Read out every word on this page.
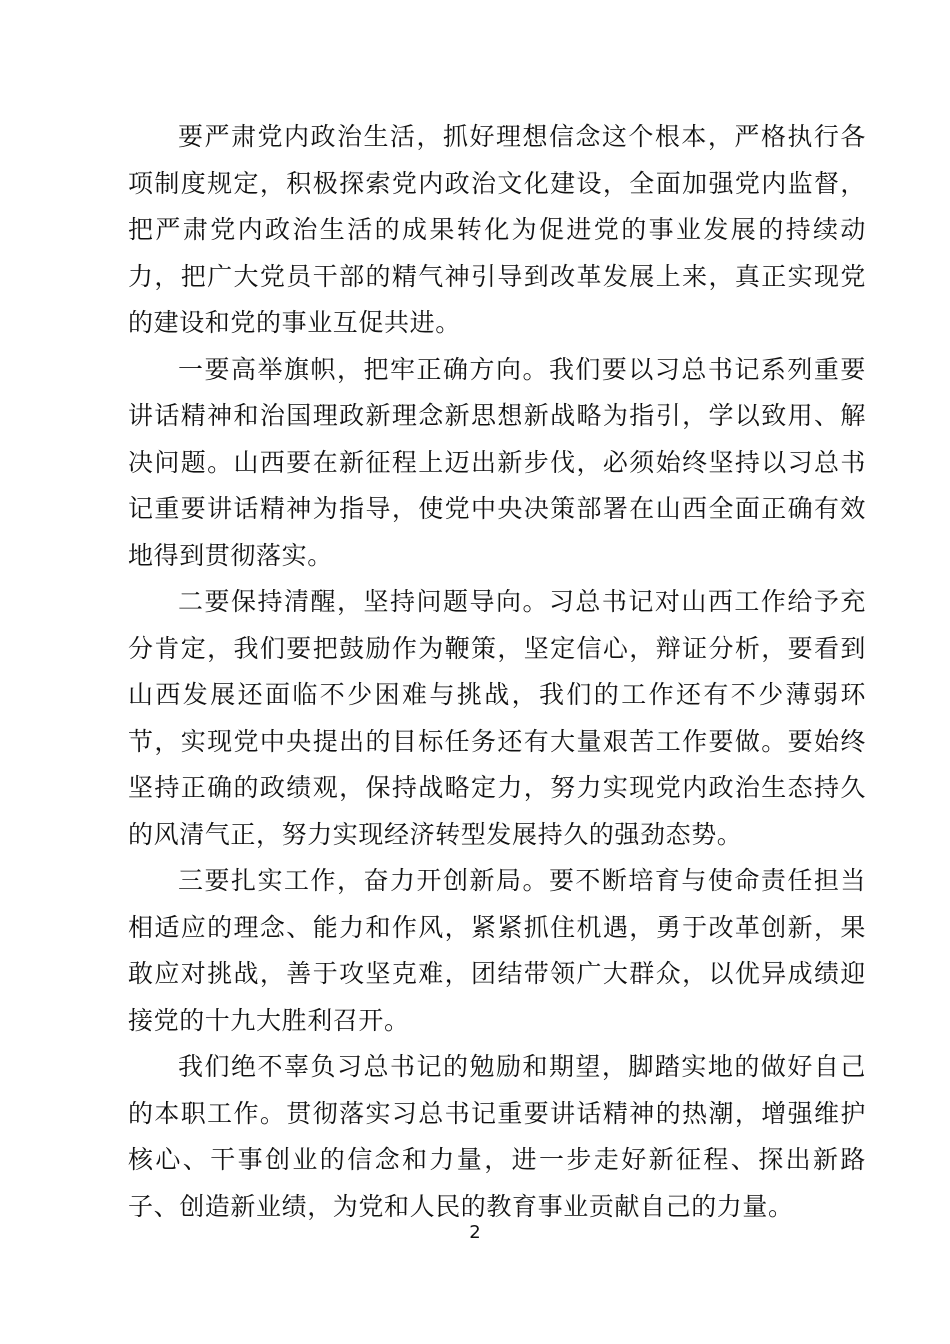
要严肃党内政治生活，抓好理想信念这个根本，严格执行各项制度规定，积极探索党内政治文化建设，全面加强党内监督，把严肃党内政治生活的成果转化为促进党的事业发展的持续动力，把广大党员干部的精气神引导到改革发展上来，真正实现党的建设和党的事业互促共进。

一要高举旗帜，把牢正确方向。我们要以习总书记系列重要讲话精神和治国理政新理念新思想新战略为指引，学以致用、解决问题。山西要在新征程上迈出新步伐，必须始终坚持以习总书记重要讲话精神为指导，使党中央决策部署在山西全面正确有效地得到贯彻落实。

二要保持清醒，坚持问题导向。习总书记对山西工作给予充分肯定，我们要把鼓励作为鞭策，坚定信心，辩证分析，要看到山西发展还面临不少困难与挑战，我们的工作还有不少薄弱环节，实现党中央提出的目标任务还有大量艰苦工作要做。要始终坚持正确的政绩观，保持战略定力，努力实现党内政治生态持久的风清气正，努力实现经济转型发展持久的强劲态势。

三要扎实工作，奋力开创新局。要不断培育与使命责任担当相适应的理念、能力和作风，紧紧抓住机遇，勇于改革创新，果敢应对挑战，善于攻坚克难，团结带领广大群众，以优异成绩迎接党的十九大胜利召开。

我们绝不辜负习总书记的勉励和期望，脚踏实地的做好自己的本职工作。贯彻落实习总书记重要讲话精神的热潮，增强维护核心、干事创业的信念和力量，进一步走好新征程、探出新路子、创造新业绩，为党和人民的教育事业贡献自己的力量。

2
